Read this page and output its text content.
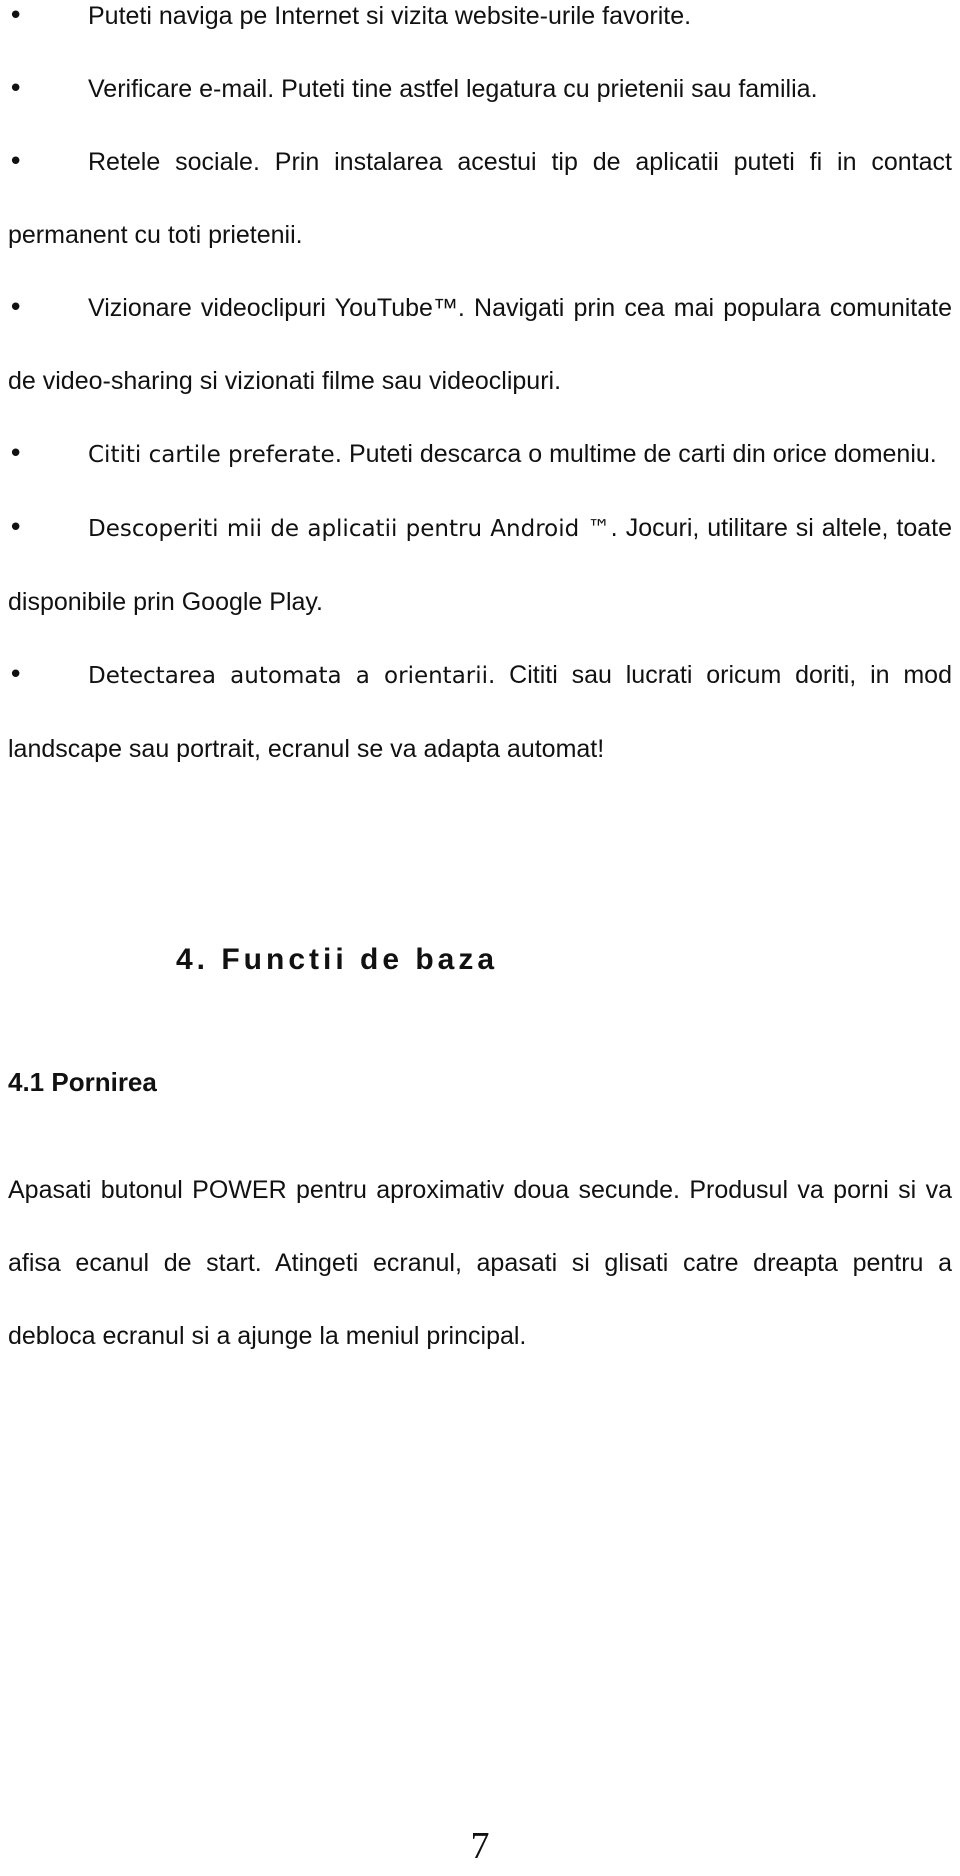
•	Puteti naviga pe Internet si vizita website-urile favorite.
•	Verificare e-mail. Puteti tine astfel legatura cu prietenii sau familia.
•	Retele sociale. Prin instalarea acestui tip de aplicatii puteti fi in contact permanent cu toti prietenii.
•	Vizionare videoclipuri YouTube™. Navigati prin cea mai populara comunitate de video-sharing si vizionati filme sau videoclipuri.
•	Cititi cartile preferate. Puteti descarca o multime de carti din orice domeniu.
•	Descoperiti mii de aplicatii pentru Android ™. Jocuri, utilitare si altele, toate disponibile prin Google Play.
•	Detectarea automata a orientarii. Cititi sau lucrati oricum doriti, in mod landscape sau portrait, ecranul se va adapta automat!
4. Functii de baza
4.1 Pornirea

Apasati butonul POWER pentru aproximativ doua secunde. Produsul va porni si va afisa ecanul de start. Atingeti ecranul, apasati si glisati catre dreapta pentru a debloca ecranul si a ajunge la meniul principal.

7
